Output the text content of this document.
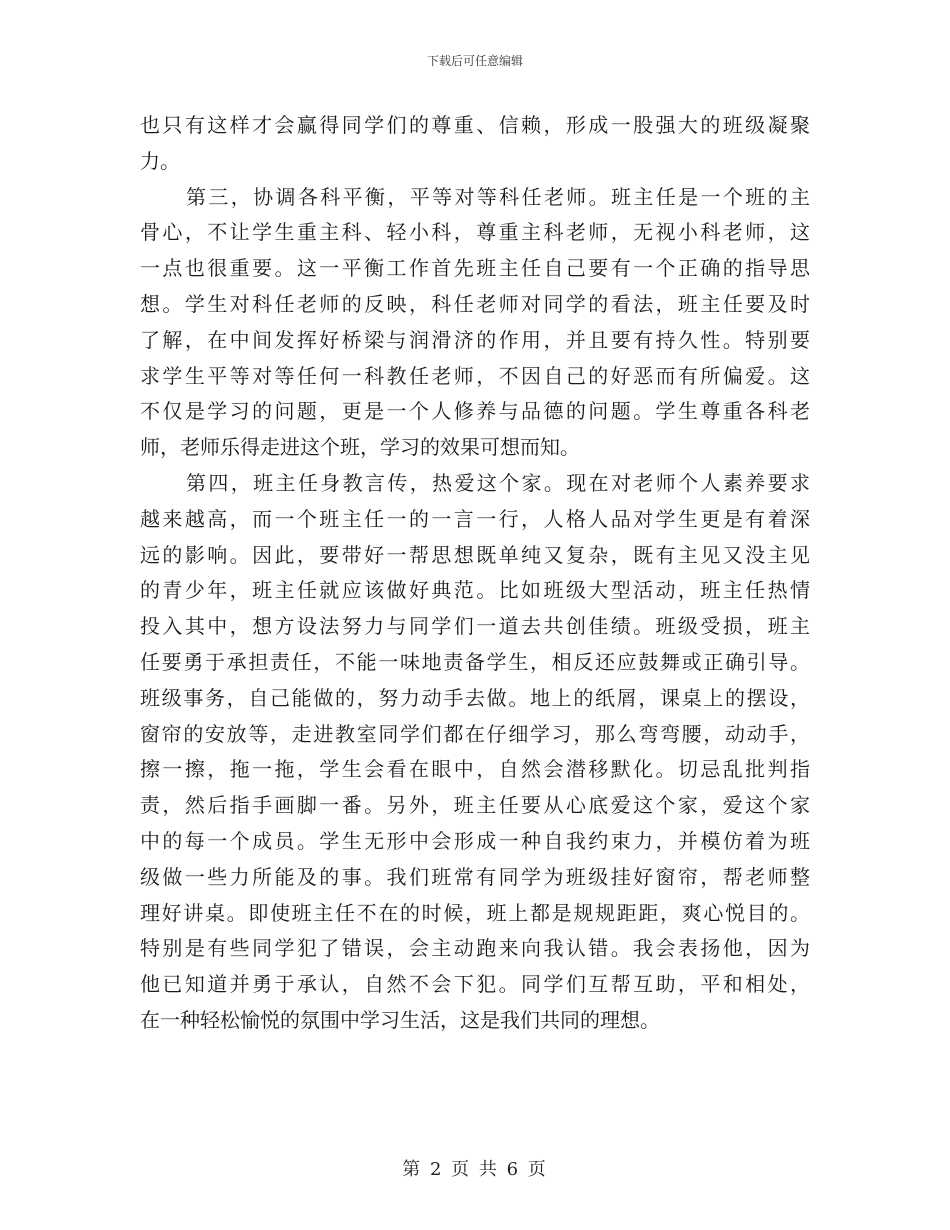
下载后可任意编辑
也只有这样才会赢得同学们的尊重、信赖，形成一股强大的班级凝聚
力。
第三，协调各科平衡，平等对等科任老师。班主任是一个班的主
骨心，不让学生重主科、轻小科，尊重主科老师，无视小科老师，这
一点也很重要。这一平衡工作首先班主任自己要有一个正确的指导思
想。学生对科任老师的反映，科任老师对同学的看法，班主任要及时
了解，在中间发挥好桥梁与润滑济的作用，并且要有持久性。特别要
求学生平等对等任何一科教任老师，不因自己的好恶而有所偏爱。这
不仅是学习的问题，更是一个人修养与品德的问题。学生尊重各科老
师，老师乐得走进这个班，学习的效果可想而知。
第四，班主任身教言传，热爱这个家。现在对老师个人素养要求
越来越高，而一个班主任一的一言一行，人格人品对学生更是有着深
远的影响。因此，要带好一帮思想既单纯又复杂，既有主见又没主见
的青少年，班主任就应该做好典范。比如班级大型活动，班主任热情
投入其中，想方设法努力与同学们一道去共创佳绩。班级受损，班主
任要勇于承担责任，不能一味地责备学生，相反还应鼓舞或正确引导。
班级事务，自己能做的，努力动手去做。地上的纸屑，课桌上的摆设，
窗帘的安放等，走进教室同学们都在仔细学习，那么弯弯腰，动动手，
擦一擦，拖一拖，学生会看在眼中，自然会潜移默化。切忌乱批判指
责，然后指手画脚一番。另外，班主任要从心底爱这个家，爱这个家
中的每一个成员。学生无形中会形成一种自我约束力，并模仿着为班
级做一些力所能及的事。我们班常有同学为班级挂好窗帘，帮老师整
理好讲桌。即使班主任不在的时候，班上都是规规距距，爽心悦目的。
特别是有些同学犯了错误，会主动跑来向我认错。我会表扬他，因为
他已知道并勇于承认，自然不会下犯。同学们互帮互助，平和相处，
在一种轻松愉悦的氛围中学习生活，这是我们共同的理想。
第 2 页 共 6 页
